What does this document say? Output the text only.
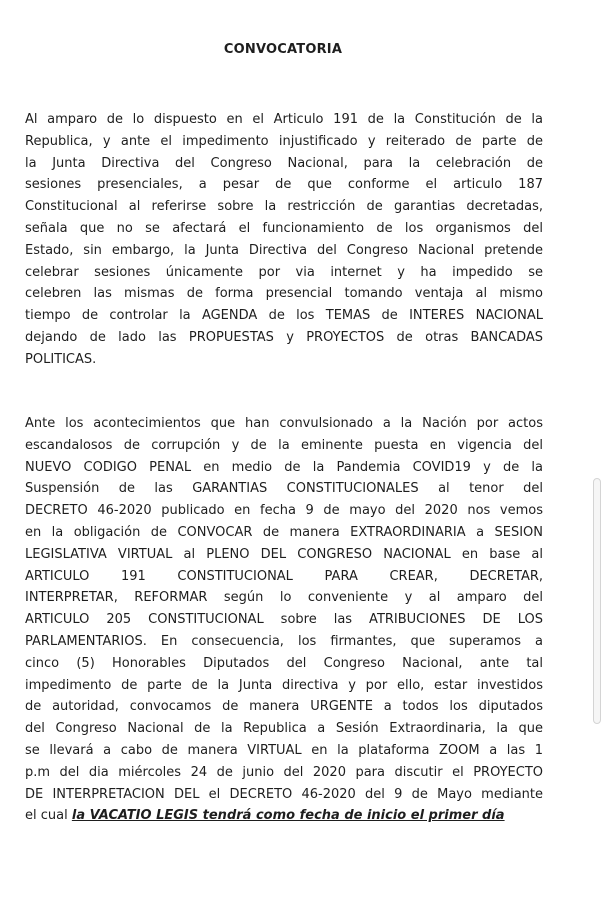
CONVOCATORIA
Al amparo de lo dispuesto en el Articulo 191 de la Constitución de la
Republica, y ante el impedimento injustificado y reiterado de parte de
la Junta Directiva del Congreso Nacional, para la celebración de
sesiones presenciales, a pesar de que conforme el articulo 187
Constitucional al referirse sobre la restricción de garantias decretadas,
señala que no se afectará el funcionamiento de los organismos del
Estado, sin embargo, la Junta Directiva del Congreso Nacional pretende
celebrar sesiones únicamente por via internet y ha impedido se
celebren las mismas de forma presencial tomando ventaja al mismo
tiempo de controlar la AGENDA de los TEMAS de INTERES NACIONAL
dejando de lado las PROPUESTAS y PROYECTOS de otras BANCADAS
POLITICAS.
Ante los acontecimientos que han convulsionado a la Nación por actos
escandalosos de corrupción y de la eminente puesta en vigencia del
NUEVO CODIGO PENAL en medio de la Pandemia COVID19 y de la
Suspensión de las GARANTIAS CONSTITUCIONALES al tenor del
DECRETO 46-2020 publicado en fecha 9 de mayo del 2020 nos vemos
en la obligación de CONVOCAR de manera EXTRAORDINARIA a SESION
LEGISLATIVA VIRTUAL al PLENO DEL CONGRESO NACIONAL en base al
ARTICULO 191 CONSTITUCIONAL PARA CREAR, DECRETAR,
INTERPRETAR, REFORMAR según lo conveniente y al amparo del
ARTICULO 205 CONSTITUCIONAL sobre las ATRIBUCIONES DE LOS
PARLAMENTARIOS. En consecuencia, los firmantes, que superamos a
cinco (5) Honorables Diputados del Congreso Nacional, ante tal
impedimento de parte de la Junta directiva y por ello, estar investidos
de autoridad, convocamos de manera URGENTE a todos los diputados
del Congreso Nacional de la Republica a Sesión Extraordinaria, la que
se llevará a cabo de manera VIRTUAL en la plataforma ZOOM a las 1
p.m del dia miércoles 24 de junio del 2020 para discutir el PROYECTO
DE INTERPRETACION DEL el DECRETO 46-2020 del 9 de Mayo mediante
el cual la VACATIO LEGIS tendrá como fecha de inicio el primer día
